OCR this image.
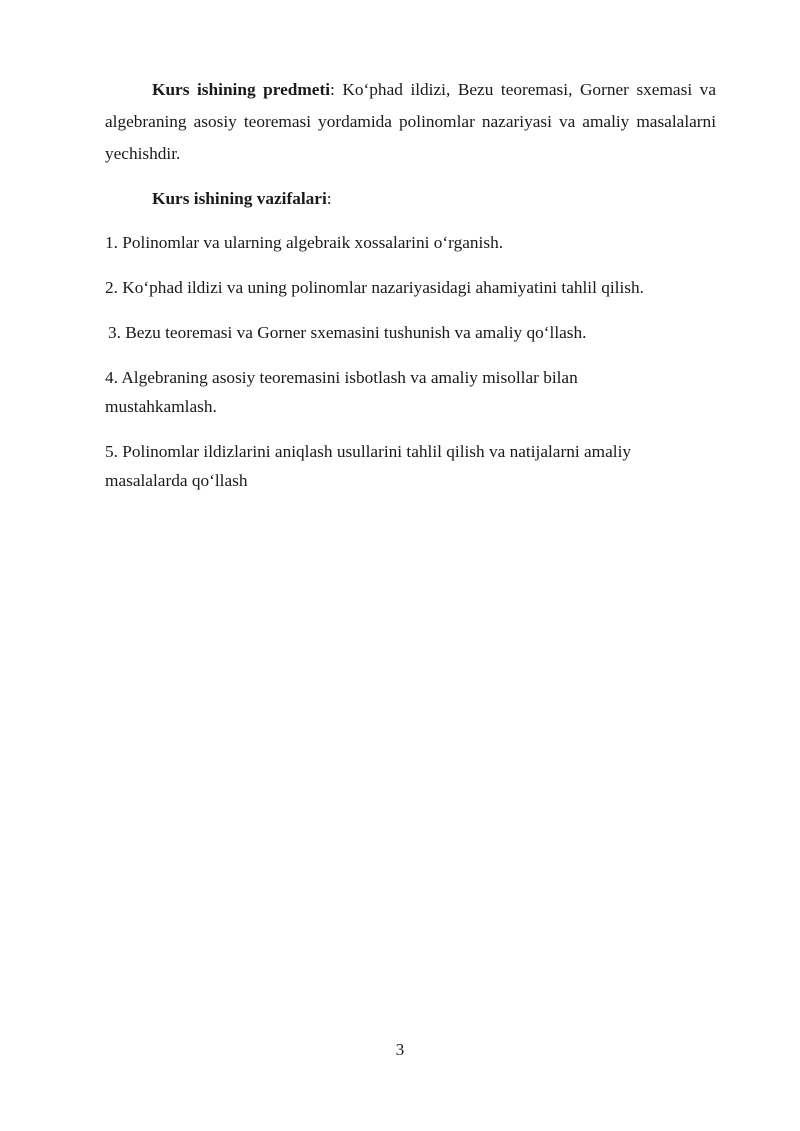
Kurs ishining predmeti: Ko‘phad ildizi, Bezu teoremasi, Gorner sxemasi va algebraning asosiy teoremasi yordamida polinomlar nazariyasi va amaliy masalalarni yechishdir.

Kurs ishining vazifalari:

1. Polinomlar va ularning algebraik xossalarini o‘rganish.

2. Ko‘phad ildizi va uning polinomlar nazariyasidagi ahamiyatini tahlil qilish.

3. Bezu teoremasi va Gorner sxemasini tushunish va amaliy qo‘llash.

4. Algebraning asosiy teoremasini isbotlash va amaliy misollar bilan mustahkamlash.

5. Polinomlar ildizlarini aniqlash usullarini tahlil qilish va natijalarni amaliy masalalarda qo‘llash

3
